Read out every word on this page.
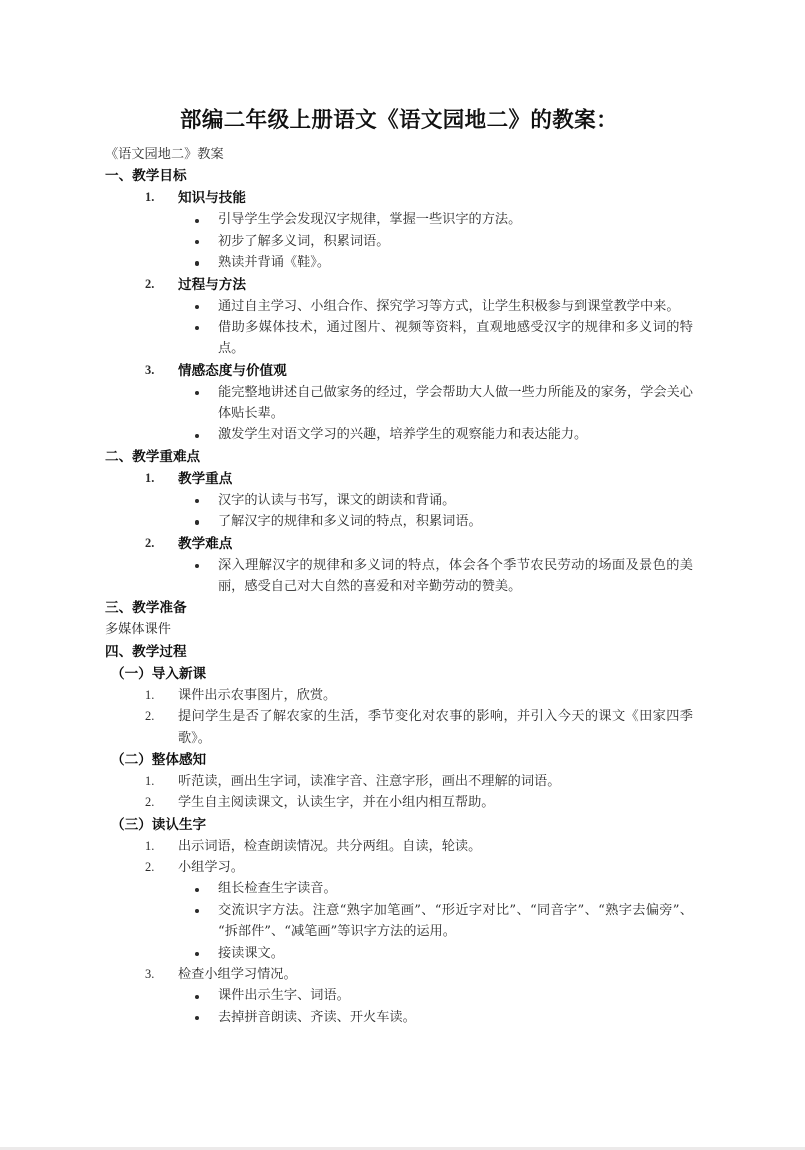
部编二年级上册语文《语文园地二》的教案：

《语文园地二》教案

一、教学目标

1.	知识与技能

引导学生学会发现汉字规律，掌握一些识字的方法。

初步了解多义词，积累词语。

熟读并背诵《鞋》。

2.	过程与方法

通过自主学习、小组合作、探究学习等方式，让学生积极参与到课堂教学中来。

借助多媒体技术，通过图片、视频等资料，直观地感受汉字的规律和多义词的特点。

3.	情感态度与价值观

能完整地讲述自己做家务的经过，学会帮助大人做一些力所能及的家务，学会关心体贴长辈。

激发学生对语文学习的兴趣，培养学生的观察能力和表达能力。

二、教学重难点

1.	教学重点

汉字的认读与书写，课文的朗读和背诵。

了解汉字的规律和多义词的特点，积累词语。

2.	教学难点

深入理解汉字的规律和多义词的特点，体会各个季节农民劳动的场面及景色的美丽，感受自己对大自然的喜爱和对辛勤劳动的赞美。

三、教学准备

多媒体课件

四、教学过程

（一）导入新课

1.	课件出示农事图片，欣赏。

2.	提问学生是否了解农家的生活，季节变化对农事的影响，并引入今天的课文《田家四季歌》。

（二）整体感知

1.	听范读，画出生字词，读准字音、注意字形，画出不理解的词语。

2.	学生自主阅读课文，认读生字，并在小组内相互帮助。

（三）读认生字

1.	出示词语，检查朗读情况。共分两组。自读，轮读。

2.	小组学习。

组长检查生字读音。

交流识字方法。注意“熟字加笔画”、“形近字对比”、“同音字”、“熟字去偏旁”、“拆部件”、“减笔画”等识字方法的运用。

接读课文。

3.	检查小组学习情况。

课件出示生字、词语。

去掉拼音朗读、齐读、开火车读。
